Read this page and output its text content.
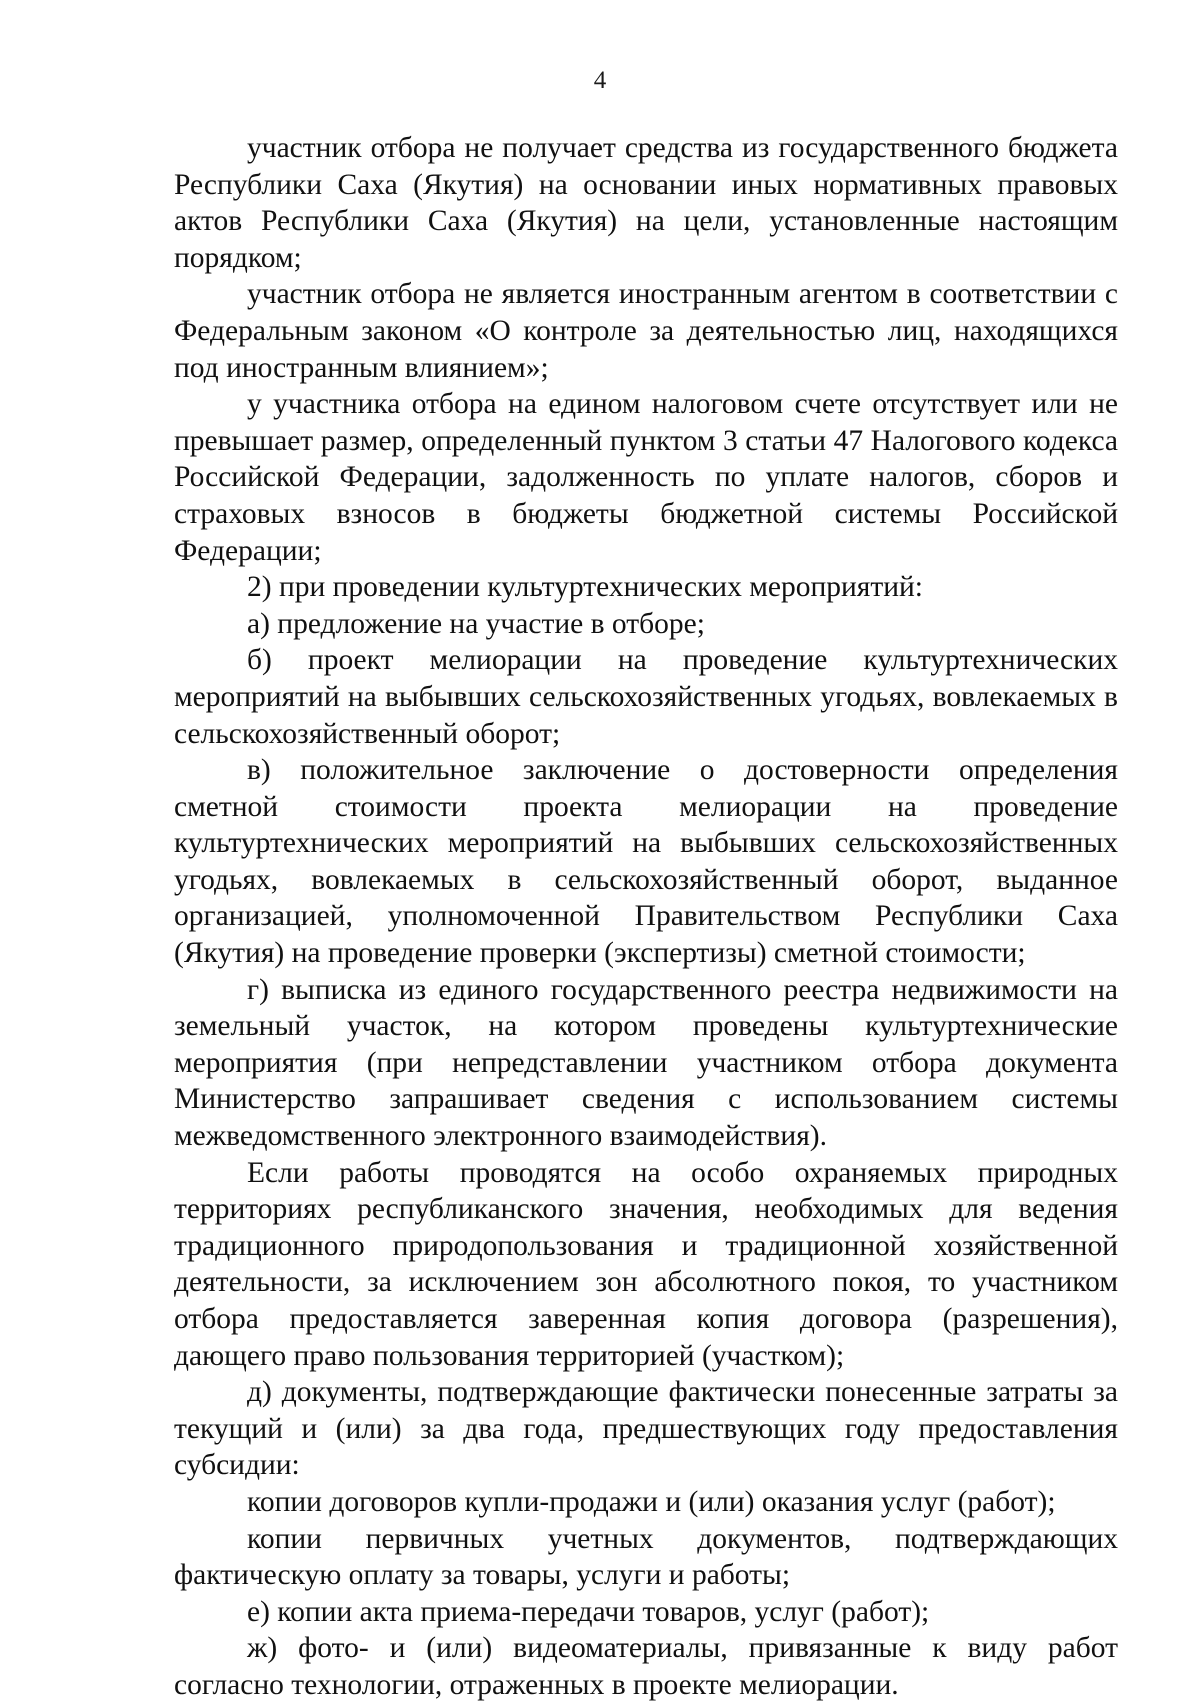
4

участник отбора не получает средства из государственного бюджета Республики Саха (Якутия) на основании иных нормативных правовых актов Республики Саха (Якутия) на цели, установленные настоящим порядком;

участник отбора не является иностранным агентом в соответствии с Федеральным законом «О контроле за деятельностью лиц, находящихся под иностранным влиянием»;

у участника отбора на едином налоговом счете отсутствует или не превышает размер, определенный пунктом 3 статьи 47 Налогового кодекса Российской Федерации, задолженность по уплате налогов, сборов и страховых взносов в бюджеты бюджетной системы Российской Федерации;

2) при проведении культуртехнических мероприятий:

а) предложение на участие в отборе;

б) проект мелиорации на проведение культуртехнических мероприятий на выбывших сельскохозяйственных угодьях, вовлекаемых в сельскохозяйственный оборот;

в) положительное заключение о достоверности определения сметной стоимости проекта мелиорации на проведение культуртехнических мероприятий на выбывших сельскохозяйственных угодьях, вовлекаемых в сельскохозяйственный оборот, выданное организацией, уполномоченной Правительством Республики Саха (Якутия) на проведение проверки (экспертизы) сметной стоимости;

г) выписка из единого государственного реестра недвижимости на земельный участок, на котором проведены культуртехнические мероприятия (при непредставлении участником отбора документа Министерство запрашивает сведения с использованием системы межведомственного электронного взаимодействия).

Если работы проводятся на особо охраняемых природных территориях республиканского значения, необходимых для ведения традиционного природопользования и традиционной хозяйственной деятельности, за исключением зон абсолютного покоя, то участником отбора предоставляется заверенная копия договора (разрешения), дающего право пользования территорией (участком);

д) документы, подтверждающие фактически понесенные затраты за текущий и (или) за два года, предшествующих году предоставления субсидии:

копии договоров купли-продажи и (или) оказания услуг (работ);

копии первичных учетных документов, подтверждающих фактическую оплату за товары, услуги и работы;

е) копии акта приема-передачи товаров, услуг (работ);

ж) фото- и (или) видеоматериалы, привязанные к виду работ согласно технологии, отраженных в проекте мелиорации.
